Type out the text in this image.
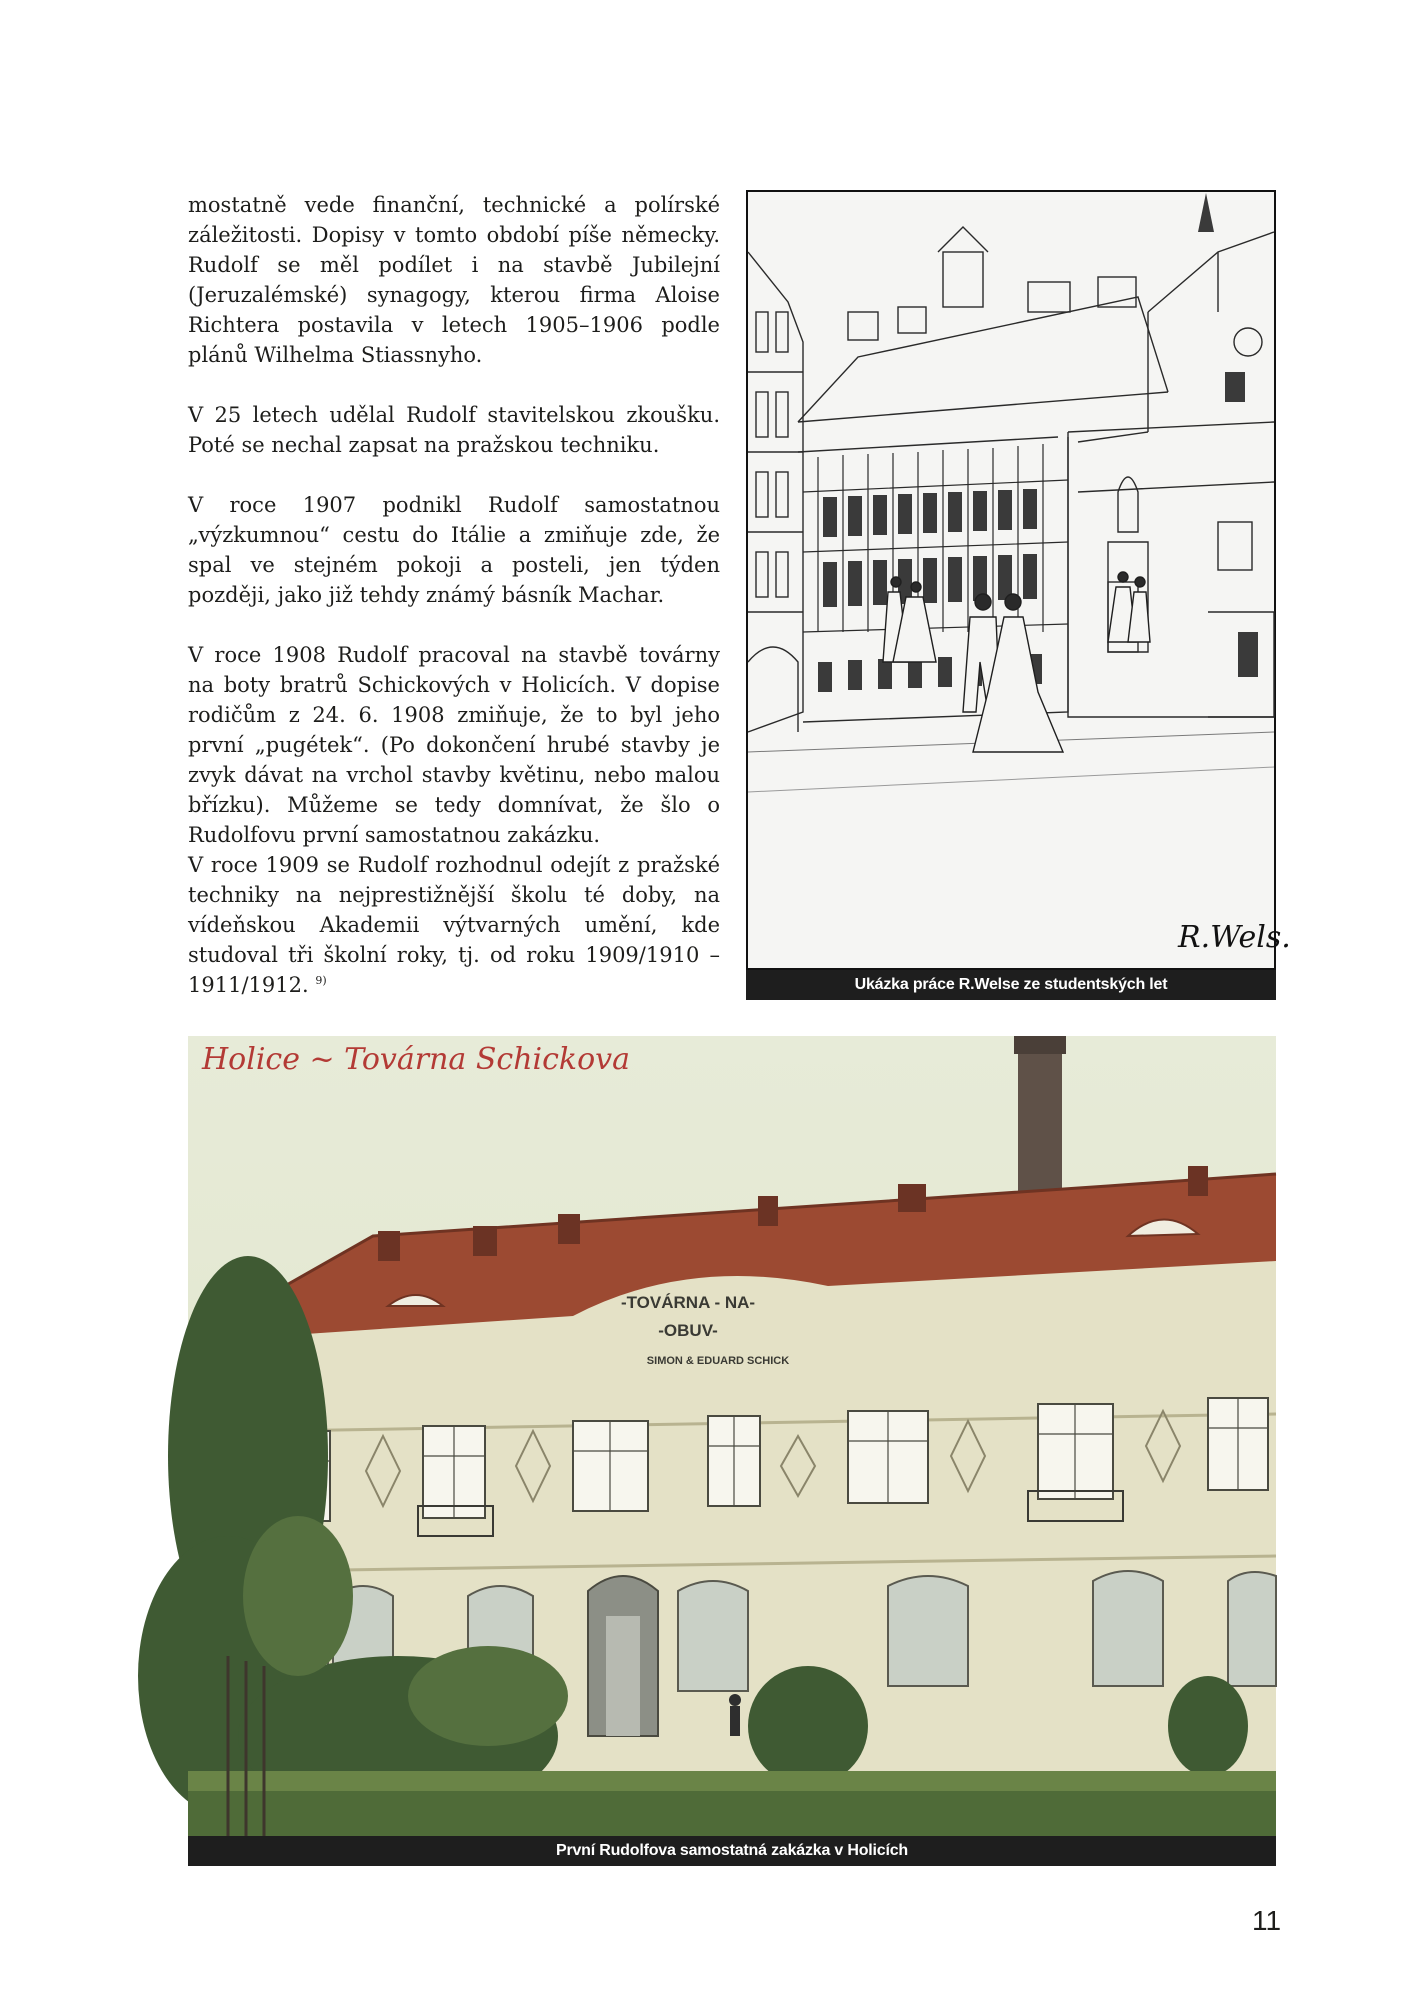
mostatně vede finanční, technické a polírské záležitosti. Dopisy v tomto období píše německy. Rudolf se měl podílet i na stavbě Jubilejní (Jeruzalémské) synagogy, kterou firma Aloise Richtera postavila v letech 1905–1906 podle plánů Wilhelma Stiassnyho.

V 25 letech udělal Rudolf stavitelskou zkoušku. Poté se nechal zapsat na pražskou techniku.

V roce 1907 podnikl Rudolf samostatnou „výzkumnou“ cestu do Itálie a zmiňuje zde, že spal ve stejném pokoji a posteli, jen týden později, jako již tehdy známý básník Machar.

V roce 1908 Rudolf pracoval na stavbě továrny na boty bratrů Schickových v Holicích. V dopise rodičům z 24. 6. 1908 zmiňuje, že to byl jeho první „pugétek“. (Po dokončení hrubé stavby je zvyk dávat na vrchol stavby květinu, nebo malou břízku). Můžeme se tedy domnívat, že šlo o Rudolfovu první samostatnou zakázku.

V roce 1909 se Rudolf rozhodnul odejít z pražské techniky na nejprestižnější školu té doby, na vídeňskou Akademii výtvarných umění, kde studoval tři školní roky, tj. od roku 1909/1910 – 1911/1912. $^{9)}$

R.Wels.
Ukázka práce R.Welse ze studentských let
-TOVÁRNA - NA-
-OBUV-
SIMON & EDUARD SCHICK
Holice ~ Továrna Schickova
První Rudolfova samostatná zakázka v Holicích
11
